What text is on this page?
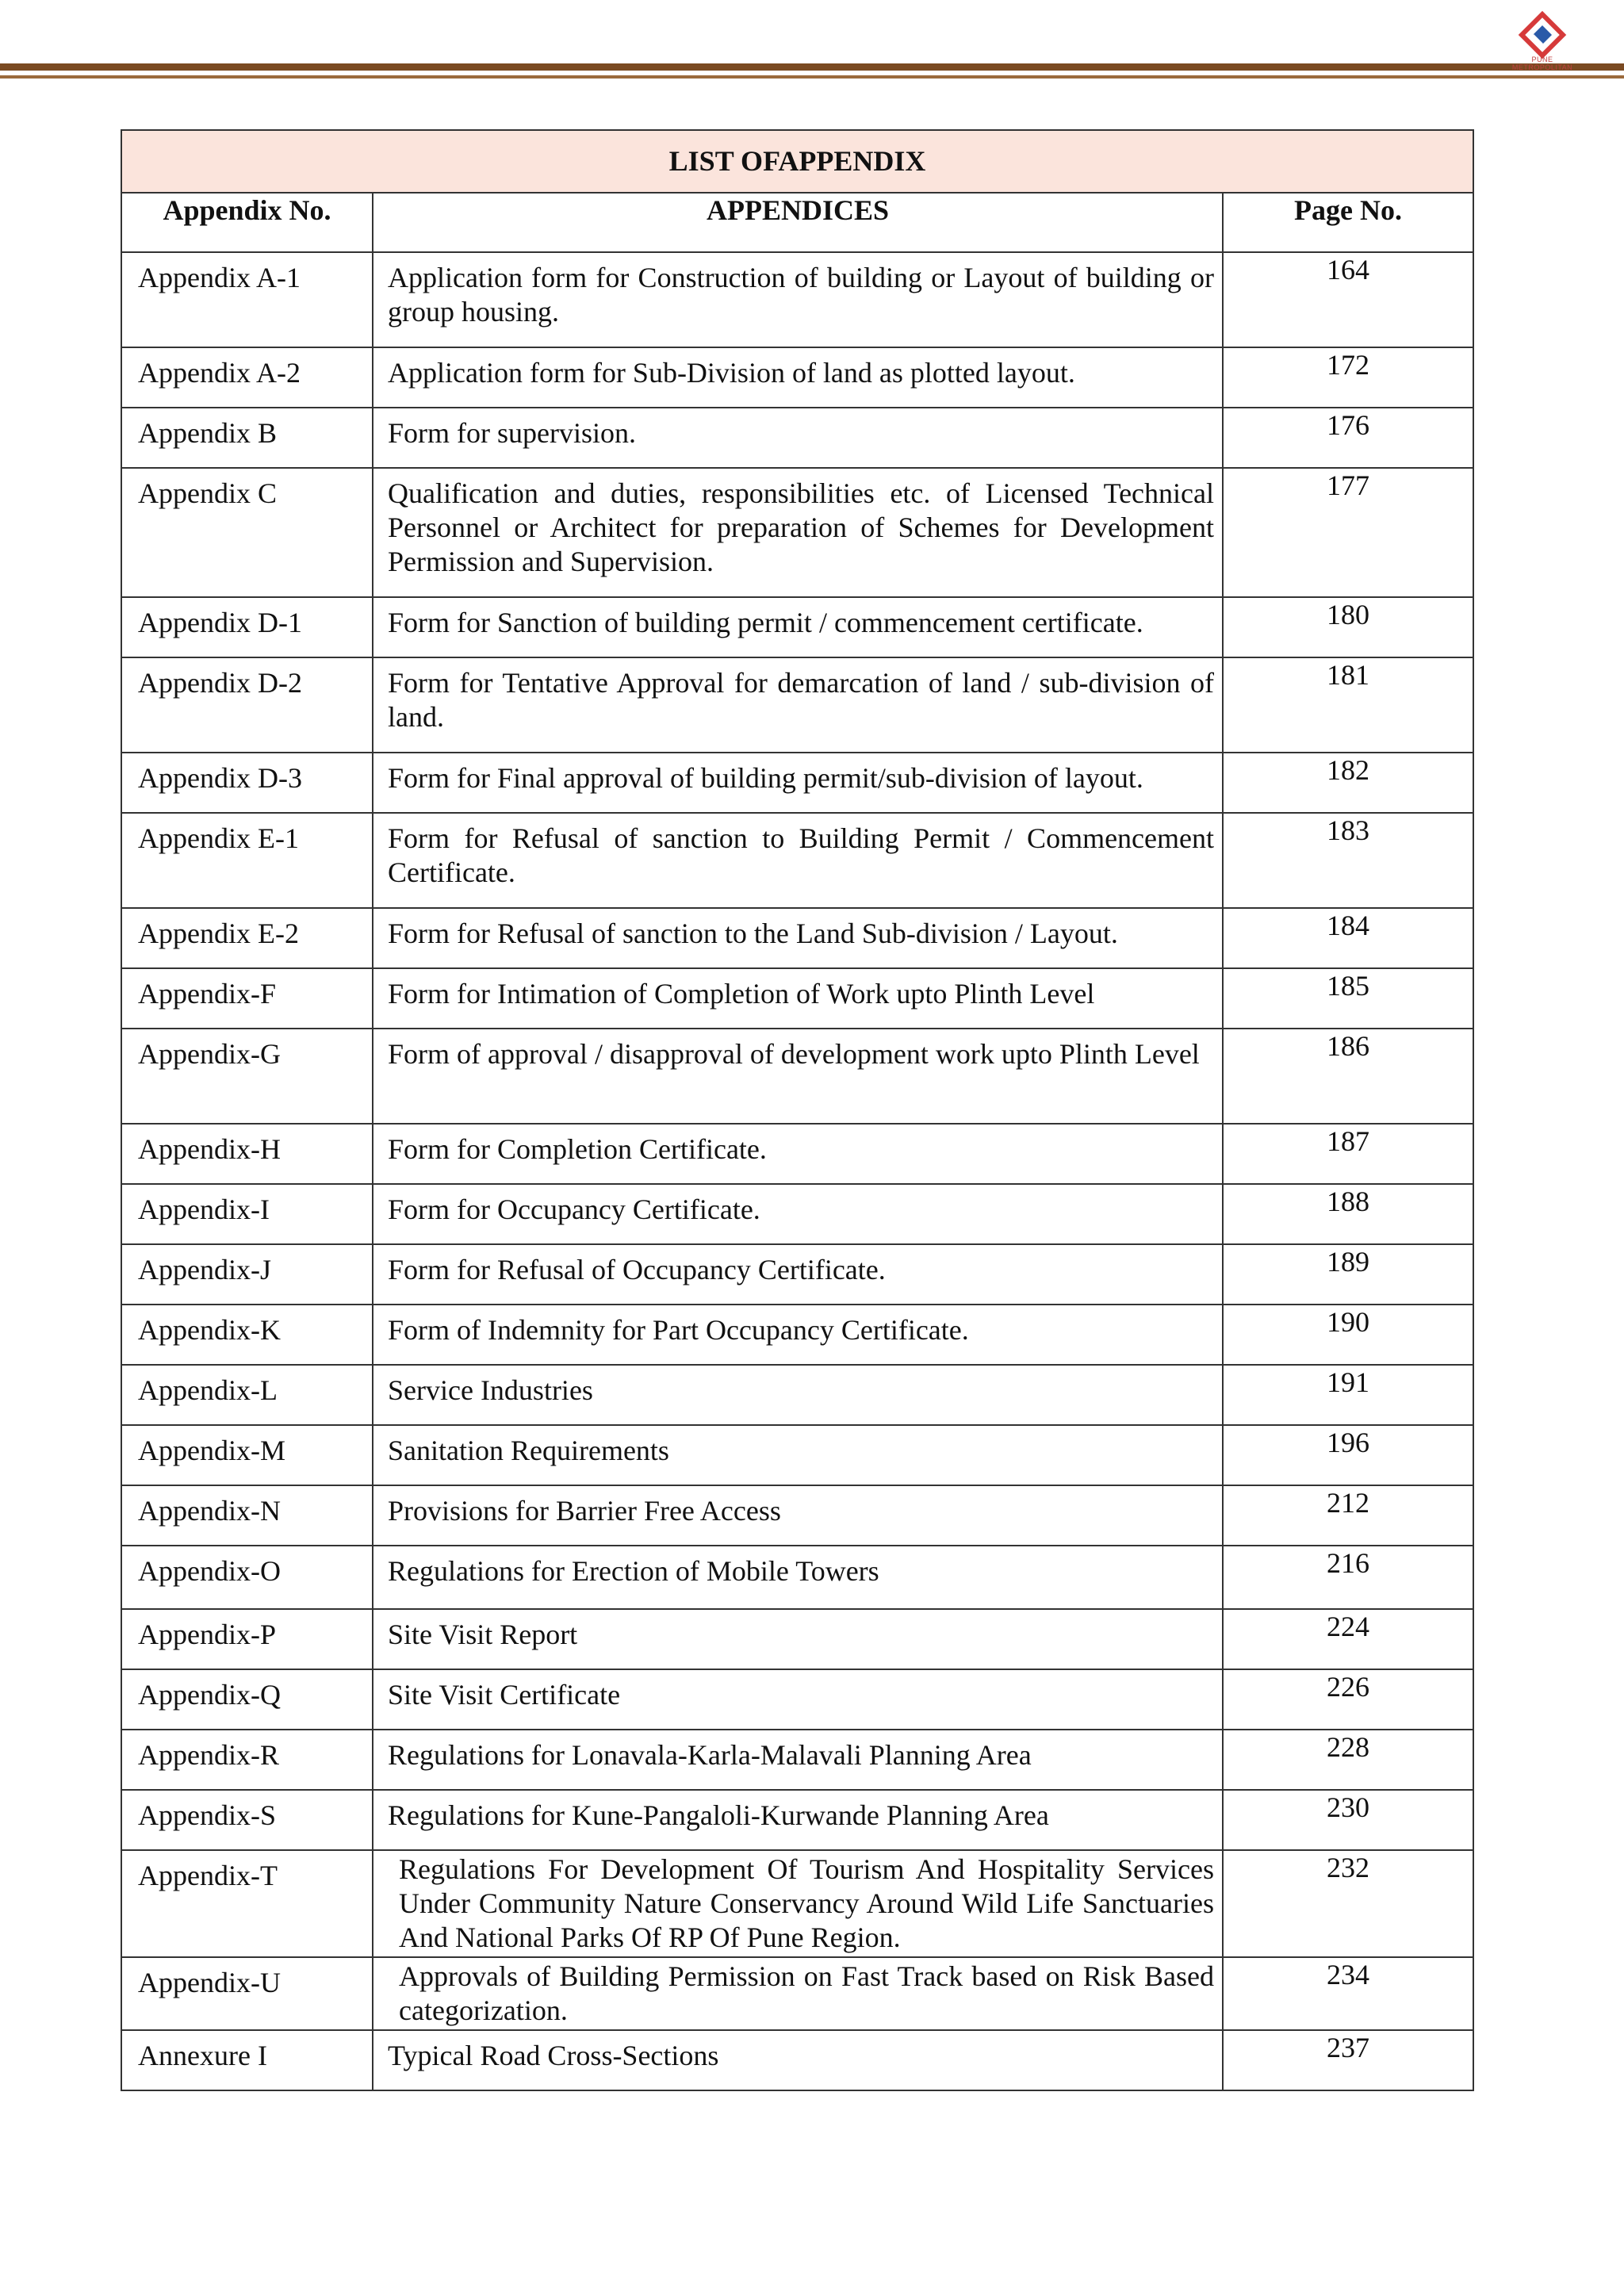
LIST OFAPPENDIX		
Appendix No.	APPENDICES	Page No.
Appendix A-1	Application form for Construction of building or Layout of building or group housing.	164

Appendix A-2	Application form for Sub-Division of land as plotted layout.	172

Appendix B	Form for supervision.	176

Appendix C	Qualification and duties, responsibilities etc. of Licensed Technical Personnel or Architect for preparation of Schemes for Development Permission and Supervision.	177

Appendix D-1	Form for Sanction of building permit / commencement certificate.	180

Appendix D-2	Form for Tentative Approval for demarcation of land / sub-division of land.	181

Appendix D-3	Form for Final approval of building permit/sub-division of layout.	182

Appendix E-1	Form for Refusal of sanction to Building Permit / Commencement Certificate.	183

Appendix E-2	Form for Refusal of sanction to the Land Sub-division / Layout.	184

Appendix-F	Form for Intimation of Completion of Work upto Plinth Level	185

Appendix-G	Form of approval / disapproval of development work upto Plinth Level	186

Appendix-H	Form for Completion Certificate.	187

Appendix-I	Form for Occupancy Certificate.	188

Appendix-J	Form for Refusal of Occupancy Certificate.	189

Appendix-K	Form of Indemnity for Part Occupancy Certificate.	190

Appendix-L	Service Industries	191

Appendix-M	Sanitation Requirements	196

Appendix-N	Provisions for Barrier Free Access	212

Appendix-O	Regulations for Erection of Mobile Towers	216

Appendix-P	Site Visit Report	224

Appendix-Q	Site Visit Certificate	226

Appendix-R	Regulations for Lonavala-Karla-Malavali Planning Area	228

Appendix-S	Regulations for Kune-Pangaloli-Kurwande Planning Area	230

Appendix-T	Regulations For Development Of Tourism And Hospitality Services Under Community Nature Conservancy Around Wild Life Sanctuaries And National Parks Of RP Of Pune Region.	232

Appendix-U	Approvals of Building Permission on Fast Track based on Risk Based categorization.	234

Annexure I	Typical Road Cross-Sections	237
PUNE METROPOLITAN
